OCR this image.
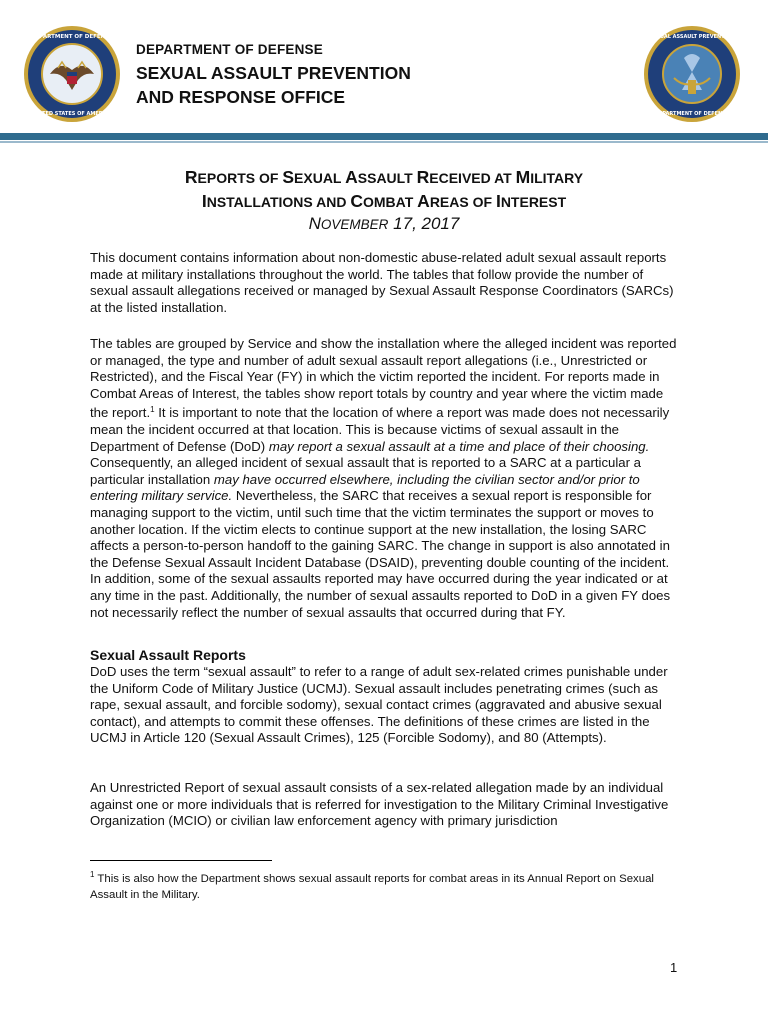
DEPARTMENT OF DEFENSE
UNITED STATES OF AMERICA
DEPARTMENT OF DEFENSE
SEXUAL ASSAULT PREVENTION
AND RESPONSE OFFICE
SEXUAL ASSAULT PREVENTION
DEPARTMENT OF DEFENSE
REPORTS OF SEXUAL ASSAULT RECEIVED AT MILITARY
INSTALLATIONS AND COMBAT AREAS OF INTEREST
NOVEMBER 17, 2017
This document contains information about non-domestic abuse-related adult sexual assault reports made at military installations throughout the world. The tables that follow provide the number of sexual assault allegations received or managed by Sexual Assault Response Coordinators (SARCs) at the listed installation.
The tables are grouped by Service and show the installation where the alleged incident was reported or managed, the type and number of adult sexual assault report allegations (i.e., Unrestricted or Restricted), and the Fiscal Year (FY) in which the victim reported the incident. For reports made in Combat Areas of Interest, the tables show report totals by country and year where the victim made the report.$^1$ It is important to note that the location of where a report was made does not necessarily mean the incident occurred at that location. This is because victims of sexual assault in the Department of Defense (DoD) may report a sexual assault at a time and place of their choosing. Consequently, an alleged incident of sexual assault that is reported to a SARC at a particular a particular installation may have occurred elsewhere, including the civilian sector and/or prior to entering military service. Nevertheless, the SARC that receives a sexual report is responsible for managing support to the victim, until such time that the victim terminates the support or moves to another location. If the victim elects to continue support at the new installation, the losing SARC affects a person-to-person handoff to the gaining SARC. The change in support is also annotated in the Defense Sexual Assault Incident Database (DSAID), preventing double counting of the incident. In addition, some of the sexual assaults reported may have occurred during the year indicated or at any time in the past. Additionally, the number of sexual assaults reported to DoD in a given FY does not necessarily reflect the number of sexual assaults that occurred during that FY.
Sexual Assault Reports
DoD uses the term “sexual assault” to refer to a range of adult sex-related crimes punishable under the Uniform Code of Military Justice (UCMJ). Sexual assault includes penetrating crimes (such as rape, sexual assault, and forcible sodomy), sexual contact crimes (aggravated and abusive sexual contact), and attempts to commit these offenses. The definitions of these crimes are listed in the UCMJ in Article 120 (Sexual Assault Crimes), 125 (Forcible Sodomy), and 80 (Attempts).
An Unrestricted Report of sexual assault consists of a sex-related allegation made by an individual against one or more individuals that is referred for investigation to the Military Criminal Investigative Organization (MCIO) or civilian law enforcement agency with primary jurisdiction
$^1$ This is also how the Department shows sexual assault reports for combat areas in its Annual Report on Sexual Assault in the Military.
1
